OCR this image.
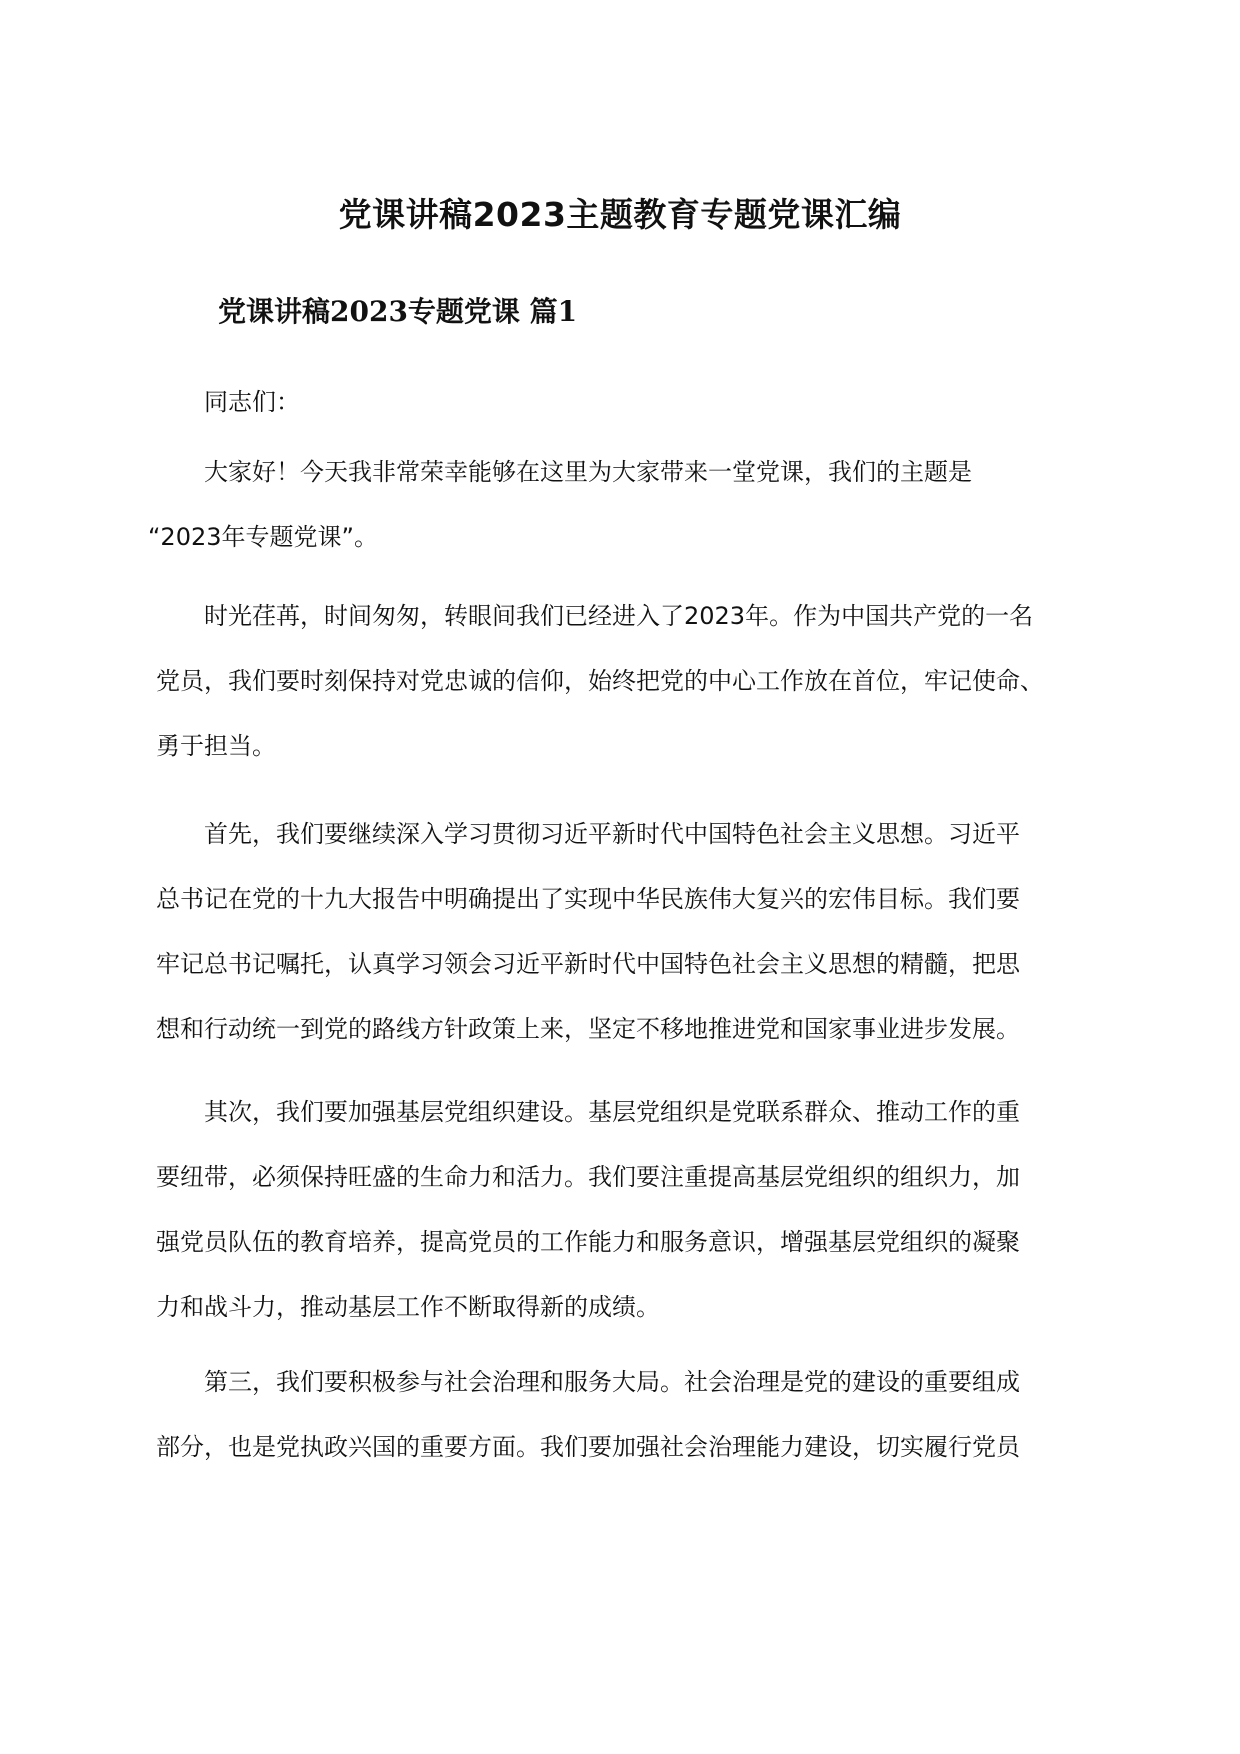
党课讲稿2023主题教育专题党课汇编
党课讲稿2023专题党课 篇1

同志们：

大家好！今天我非常荣幸能够在这里为大家带来一堂党课，我们的主题是
“2023年专题党课”。

时光荏苒，时间匆匆，转眼间我们已经进入了2023年。作为中国共产党的一名
党员，我们要时刻保持对党忠诚的信仰，始终把党的中心工作放在首位，牢记使命、
勇于担当。

首先，我们要继续深入学习贯彻习近平新时代中国特色社会主义思想。习近平
总书记在党的十九大报告中明确提出了实现中华民族伟大复兴的宏伟目标。我们要
牢记总书记嘱托，认真学习领会习近平新时代中国特色社会主义思想的精髓，把思
想和行动统一到党的路线方针政策上来，坚定不移地推进党和国家事业进步发展。

其次，我们要加强基层党组织建设。基层党组织是党联系群众、推动工作的重
要纽带，必须保持旺盛的生命力和活力。我们要注重提高基层党组织的组织力，加
强党员队伍的教育培养，提高党员的工作能力和服务意识，增强基层党组织的凝聚
力和战斗力，推动基层工作不断取得新的成绩。

第三，我们要积极参与社会治理和服务大局。社会治理是党的建设的重要组成
部分，也是党执政兴国的重要方面。我们要加强社会治理能力建设，切实履行党员
